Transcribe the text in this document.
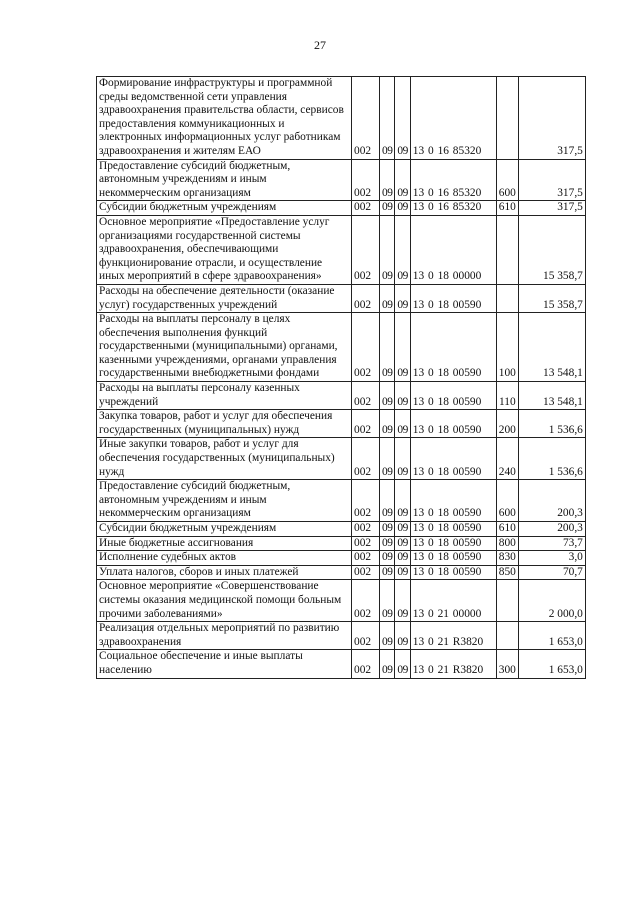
27
Формирование инфраструктуры и программной среды ведомственной сети управления здравоохранения правительства области, сервисов предоставления коммуникационных и электронных информационных услуг работникам здравоохранения и жителям ЕАО	002	09	09	13 0 16 85320		317,5
Предоставление субсидий бюджетным, автономным учреждениям и иным некоммерческим организациям	002	09	09	13 0 16 85320	600	317,5
Субсидии бюджетным учреждениям	002	09	09	13 0 16 85320	610	317,5
Основное мероприятие «Предоставление услуг организациями государственной системы здравоохранения, обеспечивающими функционирование отрасли, и осуществление иных мероприятий в сфере здравоохранения»	002	09	09	13 0 18 00000		15 358,7
Расходы на обеспечение деятельности (оказание услуг) государственных учреждений	002	09	09	13 0 18 00590		15 358,7
Расходы на выплаты персоналу в целях обеспечения выполнения функций государственными (муниципальными) органами, казенными учреждениями, органами управления государственными внебюджетными фондами	002	09	09	13 0 18 00590	100	13 548,1
Расходы на выплаты персоналу казенных учреждений	002	09	09	13 0 18 00590	110	13 548,1
Закупка товаров, работ и услуг для обеспечения государственных (муниципальных) нужд	002	09	09	13 0 18 00590	200	1 536,6
Иные закупки товаров, работ и услуг для обеспечения государственных (муниципальных) нужд	002	09	09	13 0 18 00590	240	1 536,6
Предоставление субсидий бюджетным, автономным учреждениям и иным некоммерческим организациям	002	09	09	13 0 18 00590	600	200,3
Субсидии бюджетным учреждениям	002	09	09	13 0 18 00590	610	200,3
Иные бюджетные ассигнования	002	09	09	13 0 18 00590	800	73,7
Исполнение судебных актов	002	09	09	13 0 18 00590	830	3,0
Уплата налогов, сборов и иных платежей	002	09	09	13 0 18 00590	850	70,7
Основное мероприятие «Совершенствование системы оказания медицинской помощи больным прочими заболеваниями»	002	09	09	13 0 21 00000		2 000,0
Реализация отдельных мероприятий по развитию здравоохранения	002	09	09	13 0 21 R3820		1 653,0
Социальное обеспечение и иные выплаты населению	002	09	09	13 0 21 R3820	300	1 653,0
